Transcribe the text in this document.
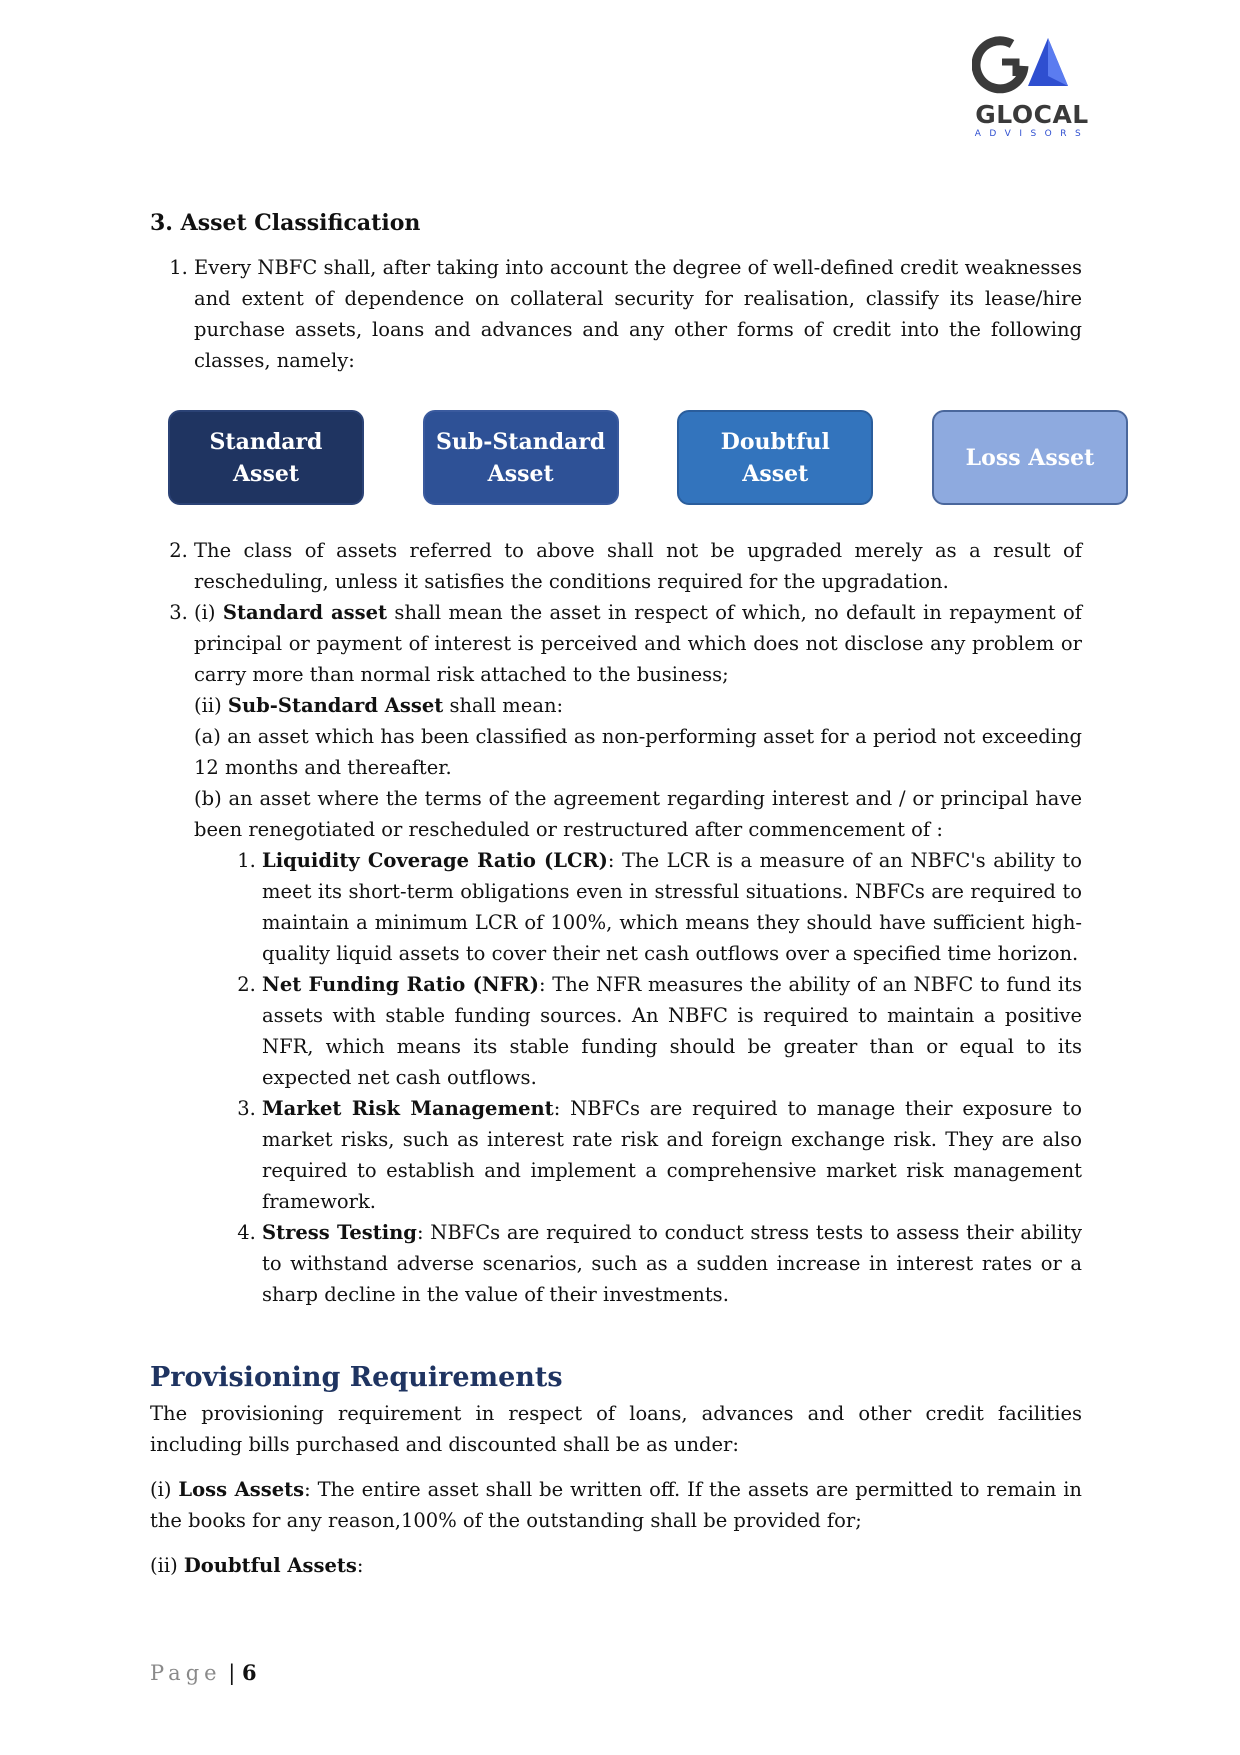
GLOCAL
ADVISORS
3. Asset Classification
1. Every NBFC shall, after taking into account the degree of well-defined credit weaknesses and extent of dependence on collateral security for realisation, classify its lease/hire purchase assets, loans and advances and any other forms of credit into the following classes, namely:
Standard
Asset
Sub-Standard
Asset
Doubtful
Asset
Loss Asset
2. The class of assets referred to above shall not be upgraded merely as a result of rescheduling, unless it satisfies the conditions required for the upgradation.

3. (i) Standard asset shall mean the asset in respect of which, no default in repayment of principal or payment of interest is perceived and which does not disclose any problem or carry more than normal risk attached to the business;

(ii) Sub-Standard Asset shall mean:

(a) an asset which has been classified as non-performing asset for a period not exceeding 12 months and thereafter.

(b) an asset where the terms of the agreement regarding interest and / or principal have been renegotiated or rescheduled or restructured after commencement of :

1. Liquidity Coverage Ratio (LCR): The LCR is a measure of an NBFC's ability to meet its short-term obligations even in stressful situations. NBFCs are required to maintain a minimum LCR of 100%, which means they should have sufficient high-quality liquid assets to cover their net cash outflows over a specified time horizon.
2. Net Funding Ratio (NFR): The NFR measures the ability of an NBFC to fund its assets with stable funding sources. An NBFC is required to maintain a positive NFR, which means its stable funding should be greater than or equal to its expected net cash outflows.
3. Market Risk Management: NBFCs are required to manage their exposure to market risks, such as interest rate risk and foreign exchange risk. They are also required to establish and implement a comprehensive market risk management framework.
4. Stress Testing: NBFCs are required to conduct stress tests to assess their ability to withstand adverse scenarios, such as a sudden increase in interest rates or a sharp decline in the value of their investments.
Provisioning Requirements

The provisioning requirement in respect of loans, advances and other credit facilities including bills purchased and discounted shall be as under:

(i) Loss Assets: The entire asset shall be written off. If the assets are permitted to remain in the books for any reason,100% of the outstanding shall be provided for;

(ii) Doubtful Assets:

Page | 6
